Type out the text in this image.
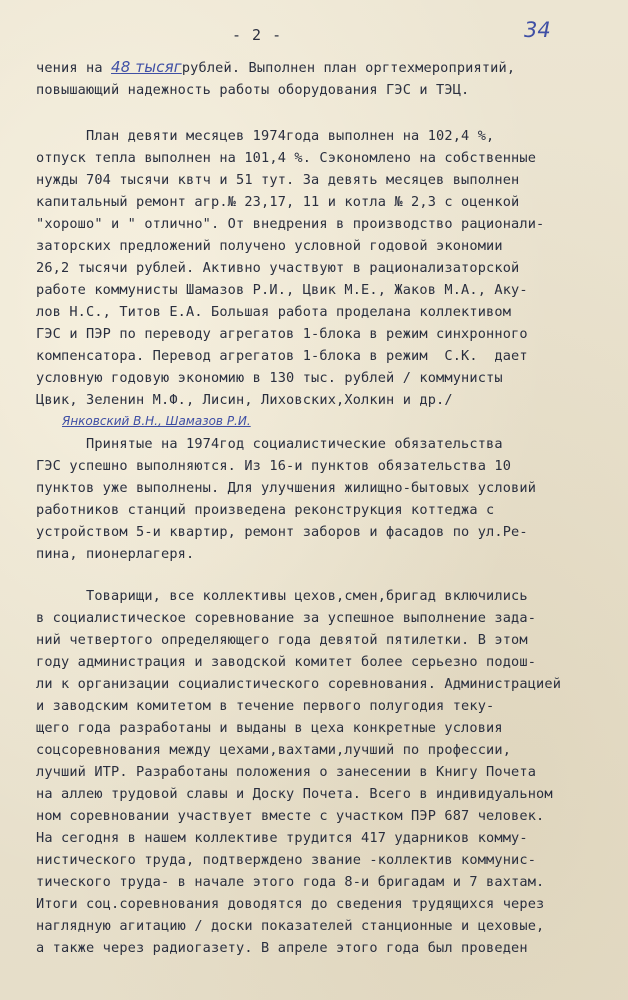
- 2 -	34
чения на 48 тысягрублей. Выполнен план оргтехмероприятий,
повышающий надежность работы оборудования ГЭС и ТЭЦ.
План девяти месяцев 1974года выполнен на 102,4 %,
отпуск тепла выполнен на 101,4 %. Сэкономлено на собственные
нужды 704 тысячи квтч и 51 тут. За девять месяцев выполнен
капитальный ремонт агр.№ 23,17, 11 и котла № 2,3 с оценкой
"хорошо" и " отлично". От внедрения в производство рационали-
заторских предложений получено условной годовой экономии
26,2 тысячи рублей. Активно участвуют в рационализаторской
работе коммунисты Шамазов Р.И., Цвик М.Е., Жаков М.А., Аку-
лов Н.С., Титов Е.А. Большая работа проделана коллективом
ГЭС и ПЭР по переводу агрегатов 1-блока в режим синхронного
компенсатора. Перевод агрегатов 1-блока в режим  С.К.  дает
условную годовую экономию в 130 тыс. рублей / коммунисты
Цвик, Зеленин М.Ф., Лисин, Лиховских,Холкин и др./
Янковский В.Н., Шамазов Р.И.
Принятые на 1974год социалистические обязательства
ГЭС успешно выполняются. Из 16-и пунктов обязательства 10
пунктов уже выполнены. Для улучшения жилищно-бытовых условий
работников станций произведена реконструкция коттеджа с
устройством 5-и квартир, ремонт заборов и фасадов по ул.Ре-
пина, пионерлагеря.
Товарищи, все коллективы цехов,смен,бригад включились
в социалистическое соревнование за успешное выполнение зада-
ний четвертого определяющего года девятой пятилетки. В этом
году администрация и заводской комитет более серьезно подош-
ли к организации социалистического соревнования. Администрацией
и заводским комитетом в течение первого полугодия теку-
щего года разработаны и выданы в цеха конкретные условия
соцсоревнования между цехами,вахтами,лучший по профессии,
лучший ИТР. Разработаны положения о занесении в Книгу Почета
на аллею трудовой славы и Доску Почета. Всего в индивидуальном
ном соревновании участвует вместе с участком ПЭР 687 человек.
На сегодня в нашем коллективе трудится 417 ударников комму-
нистического труда, подтверждено звание -коллектив коммунис-
тического труда- в начале этого года 8-и бригадам и 7 вахтам.
Итоги соц.соревнования доводятся до сведения трудящихся через
наглядную агитацию / доски показателей станционные и цеховые,
а также через радиогазету. В апреле этого года был проведен
